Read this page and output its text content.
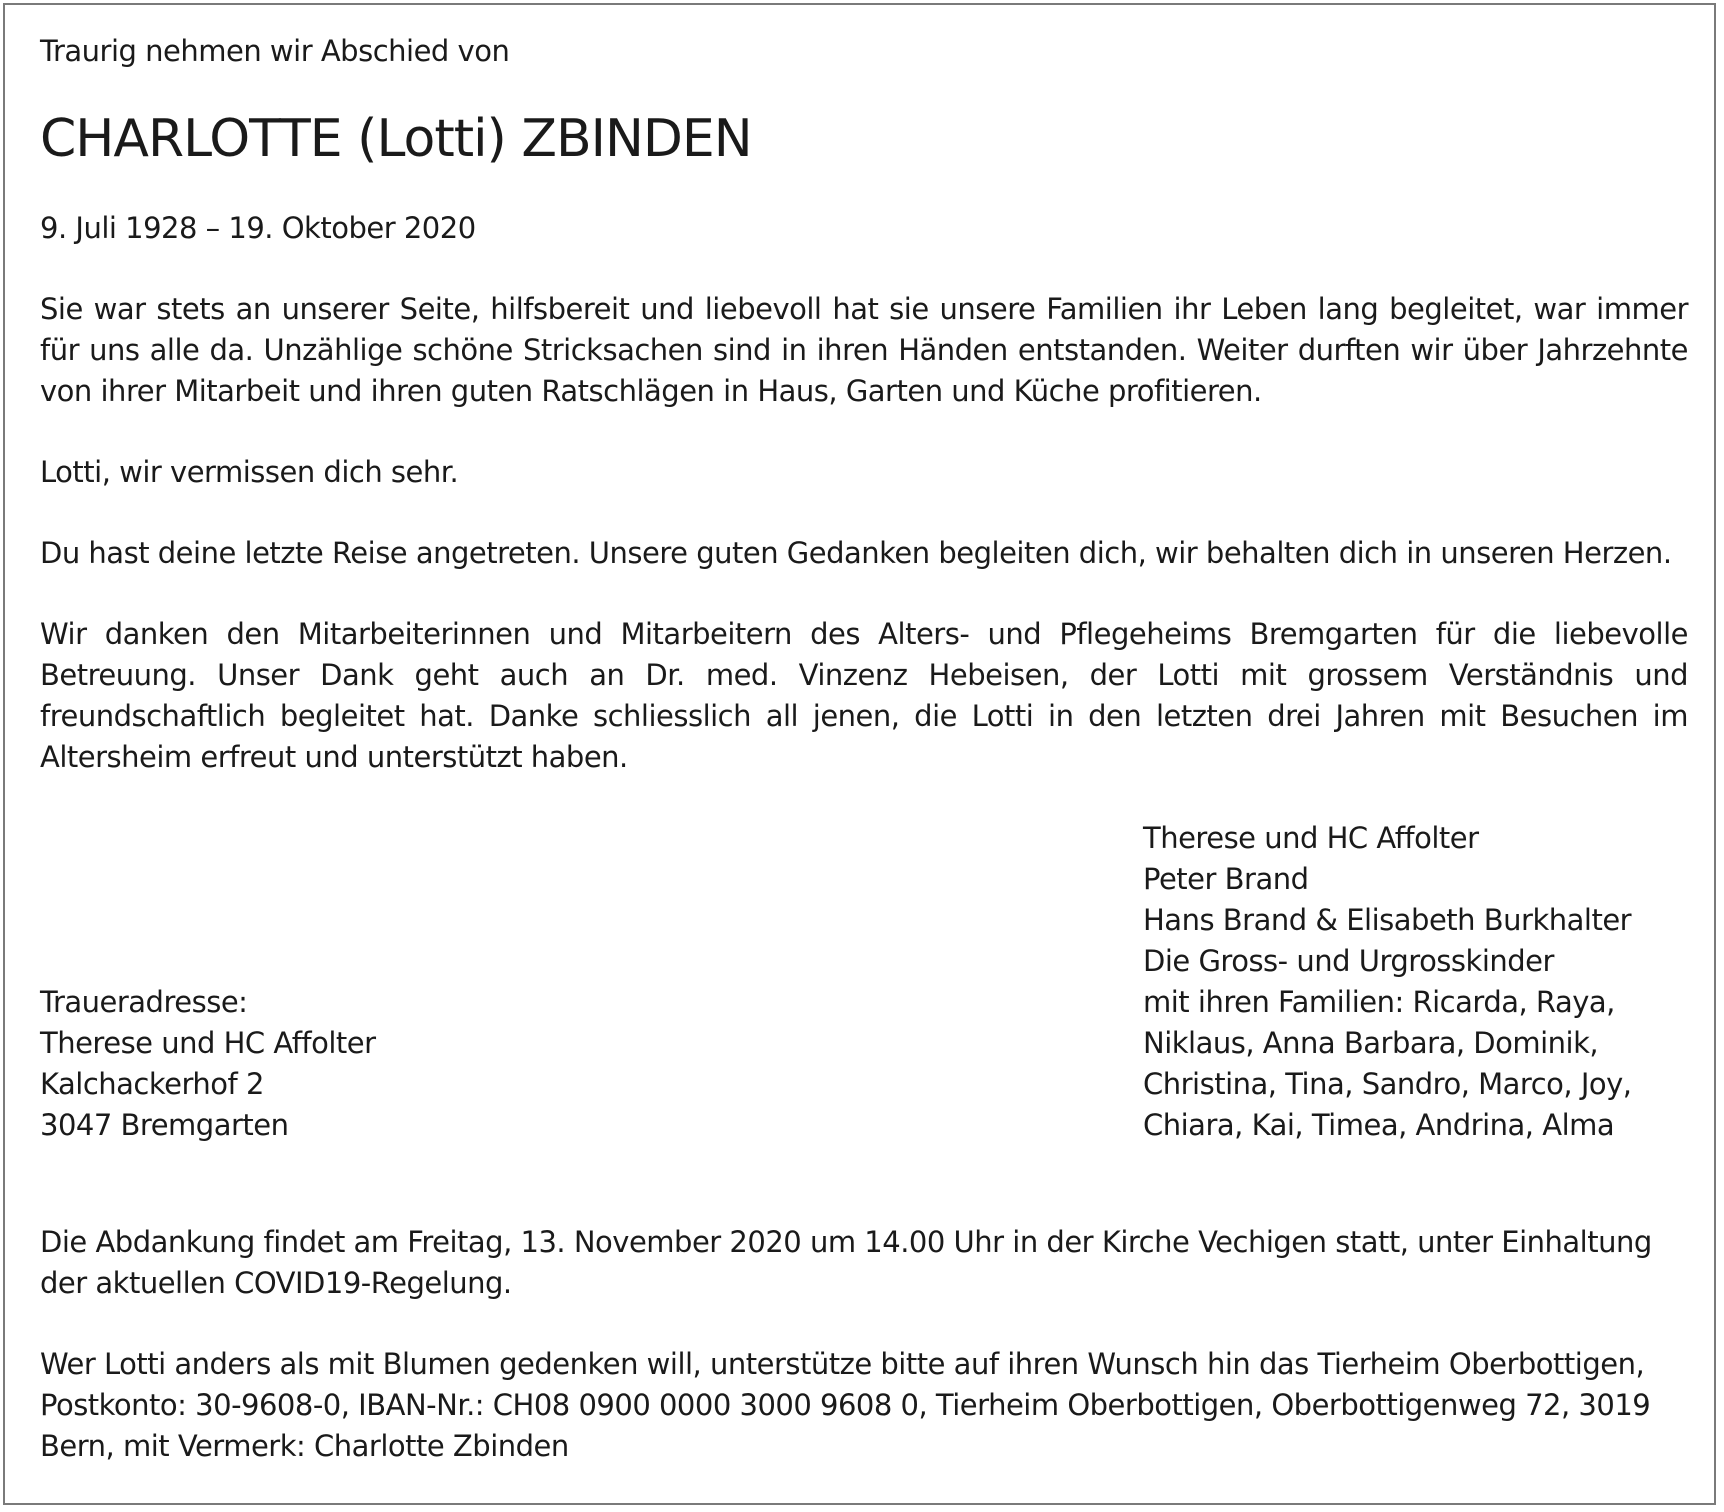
Traurig nehmen wir Abschied von

CHARLOTTE (Lotti) ZBINDEN

9. Juli 1928 – 19. Oktober 2020

Sie war stets an unserer Seite, hilfsbereit und liebevoll hat sie unsere Familien ihr Leben lang begleitet, war immer für uns alle da. Unzählige schöne Stricksachen sind in ihren Händen entstanden. Weiter durften wir über Jahrzehnte von ihrer Mitarbeit und ihren guten Ratschlägen in Haus, Garten und Küche profitieren.

Lotti, wir vermissen dich sehr.

Du hast deine letzte Reise angetreten. Unsere guten Gedanken begleiten dich, wir behalten dich in unseren Herzen.

Wir danken den Mitarbeiterinnen und Mitarbeitern des Alters- und Pflegeheims Bremgarten für die liebevolle Betreuung. Unser Dank geht auch an Dr. med. Vinzenz Hebeisen, der Lotti mit grossem Verständnis und freundschaftlich begleitet hat. Danke schliesslich all jenen, die Lotti in den letzten drei Jahren mit Besuchen im Altersheim erfreut und unterstützt haben.

Therese und HC Affolter
Peter Brand
Hans Brand & Elisabeth Burkhalter
Die Gross- und Urgrosskinder
mit ihren Familien: Ricarda, Raya,
Niklaus, Anna Barbara, Dominik,
Christina, Tina, Sandro, Marco, Joy,
Chiara, Kai, Timea, Andrina, Alma
Traueradresse:
Therese und HC Affolter
Kalchackerhof 2
3047 Bremgarten

Die Abdankung findet am Freitag, 13. November 2020 um 14.00 Uhr in der Kirche Vechigen statt, unter Einhaltung der aktuellen COVID19-Regelung.

Wer Lotti anders als mit Blumen gedenken will, unterstütze bitte auf ihren Wunsch hin das Tierheim Oberbottigen, Postkonto: 30-9608-0, IBAN-Nr.: CH08 0900 0000 3000 9608 0, Tierheim Oberbottigen, Oberbottigenweg 72, 3019 Bern, mit Vermerk: Charlotte Zbinden
